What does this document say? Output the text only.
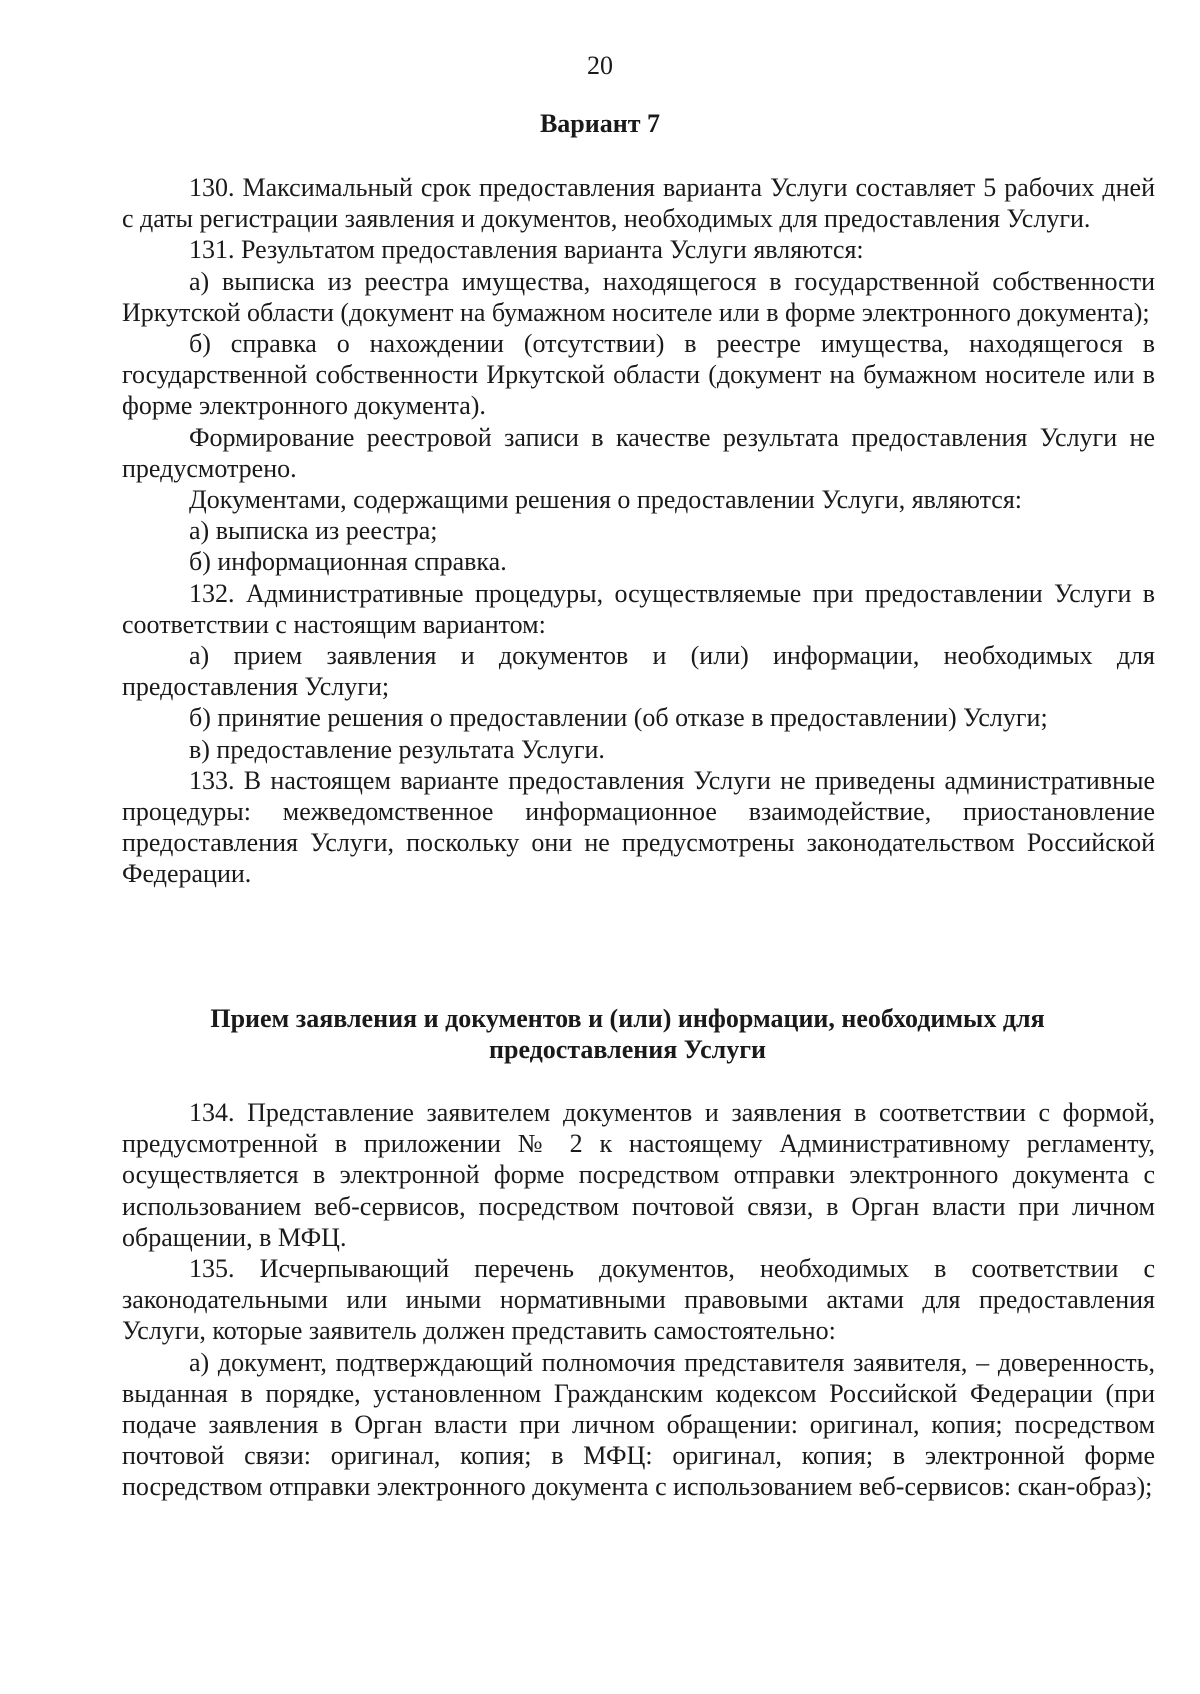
20
Вариант 7

130. Максимальный срок предоставления варианта Услуги составляет 5 рабочих дней с даты регистрации заявления и документов, необходимых для предоставления Услуги.

131. Результатом предоставления варианта Услуги являются:

а) выписка из реестра имущества, находящегося в государственной собственности Иркутской области (документ на бумажном носителе или в форме электронного документа);

б) справка о нахождении (отсутствии) в реестре имущества, находящегося в государственной собственности Иркутской области (документ на бумажном носителе или в форме электронного документа).

Формирование реестровой записи в качестве результата предоставления Услуги не предусмотрено.

Документами, содержащими решения о предоставлении Услуги, являются:

а) выписка из реестра;

б) информационная справка.

132. Административные процедуры, осуществляемые при предоставлении Услуги в соответствии с настоящим вариантом:

а) прием заявления и документов и (или) информации, необходимых для предоставления Услуги;

б) принятие решения о предоставлении (об отказе в предоставлении) Услуги;

в) предоставление результата Услуги.

133. В настоящем варианте предоставления Услуги не приведены административные процедуры: межведомственное информационное взаимодействие, приостановление предоставления Услуги, поскольку они не предусмотрены законодательством Российской Федерации.

Прием заявления и документов и (или) информации, необходимых для предоставления Услуги

134. Представление заявителем документов и заявления в соответствии с формой, предусмотренной в приложении № 2 к настоящему Административному регламенту, осуществляется в электронной форме посредством отправки электронного документа с использованием веб-сервисов, посредством почтовой связи, в Орган власти при личном обращении, в МФЦ.

135. Исчерпывающий перечень документов, необходимых в соответствии с законодательными или иными нормативными правовыми актами для предоставления Услуги, которые заявитель должен представить самостоятельно:

а) документ, подтверждающий полномочия представителя заявителя, – доверенность, выданная в порядке, установленном Гражданским кодексом Российской Федерации (при подаче заявления в Орган власти при личном обращении: оригинал, копия; посредством почтовой связи: оригинал, копия; в МФЦ: оригинал, копия; в электронной форме посредством отправки электронного документа с использованием веб-сервисов: скан-образ);
